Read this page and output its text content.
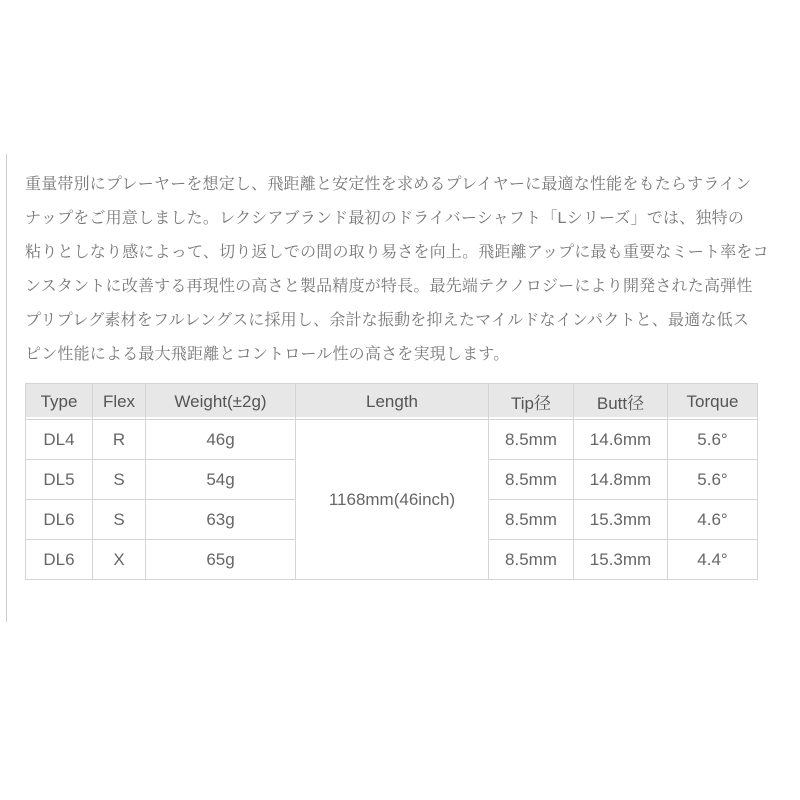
重量帯別にプレーヤーを想定し、飛距離と安定性を求めるプレイヤーに最適な性能をもたらすライン
ナップをご用意しました。レクシアブランド最初のドライバーシャフト「Lシリーズ」では、独特の
粘りとしなり感によって、切り返しでの間の取り易さを向上。飛距離アップに最も重要なミート率をコ
ンスタントに改善する再現性の高さと製品精度が特長。最先端テクノロジーにより開発された高弾性
プリプレグ素材をフルレングスに採用し、余計な振動を抑えたマイルドなインパクトと、最適な低ス
ピン性能による最大飛距離とコントロール性の高さを実現します。
Type	Flex	Weight(±2g)	Length	Tip径	Butt径	Torque
DL4	R	46g	1168mm(46inch)	8.5mm	14.6mm	5.6°
DL5	S	54g		8.5mm	14.8mm	5.6°
DL6	S	63g		8.5mm	15.3mm	4.6°
DL6	X	65g		8.5mm	15.3mm	4.4°
